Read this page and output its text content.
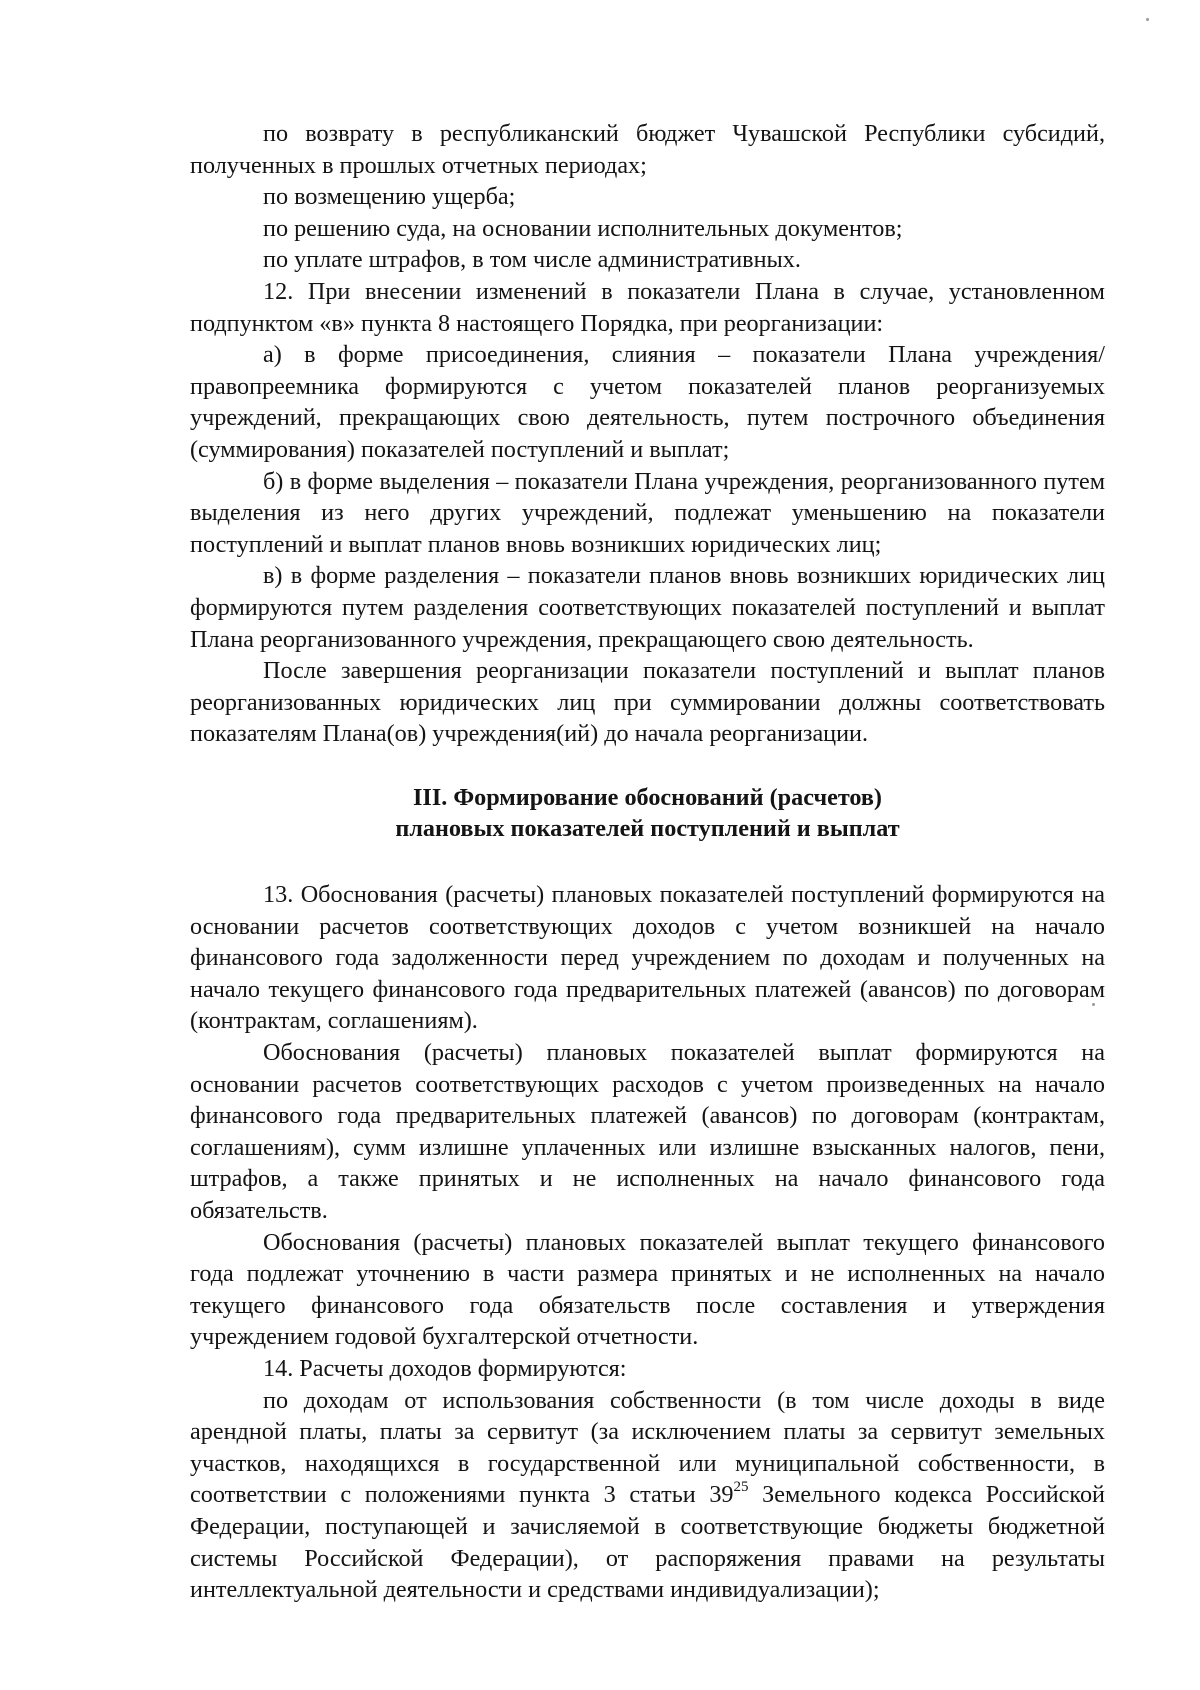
по возврату в республиканский бюджет Чувашской Республики субсидий, полученных в прошлых отчетных периодах;

по возмещению ущерба;

по решению суда, на основании исполнительных документов;

по уплате штрафов, в том числе административных.

12. При внесении изменений в показатели Плана в случае, установленном подпунктом «в» пункта 8 настоящего Порядка, при реорганизации:

а) в форме присоединения, слияния – показатели Плана учреждения/правопреемника формируются с учетом показателей планов реорганизуемых учреждений, прекращающих свою деятельность, путем построчного объединения (суммирования) показателей поступлений и выплат;

б) в форме выделения – показатели Плана учреждения, реорганизованного путем выделения из него других учреждений, подлежат уменьшению на показатели поступлений и выплат планов вновь возникших юридических лиц;

в) в форме разделения – показатели планов вновь возникших юридических лиц формируются путем разделения соответствующих показателей поступлений и выплат Плана реорганизованного учреждения, прекращающего свою деятельность.

После завершения реорганизации показатели поступлений и выплат планов реорганизованных юридических лиц при суммировании должны соответствовать показателям Плана(ов) учреждения(ий) до начала реорганизации.

III. Формирование обоснований (расчетов)
плановых показателей поступлений и выплат

13. Обоснования (расчеты) плановых показателей поступлений формируются на основании расчетов соответствующих доходов с учетом возникшей на начало финансового года задолженности перед учреждением по доходам и полученных на начало текущего финансового года предварительных платежей (авансов) по договорам (контрактам, соглашениям).

Обоснования (расчеты) плановых показателей выплат формируются на основании расчетов соответствующих расходов с учетом произведенных на начало финансового года предварительных платежей (авансов) по договорам (контрактам, соглашениям), сумм излишне уплаченных или излишне взысканных налогов, пени, штрафов, а также принятых и не исполненных на начало финансового года обязательств.

Обоснования (расчеты) плановых показателей выплат текущего финансового года подлежат уточнению в части размера принятых и не исполненных на начало текущего финансового года обязательств после составления и утверждения учреждением годовой бухгалтерской отчетности.

14. Расчеты доходов формируются:

по доходам от использования собственности (в том числе доходы в виде арендной платы, платы за сервитут (за исключением платы за сервитут земельных участков, находящихся в государственной или муниципальной собственности, в соответствии с положениями пункта 3 статьи $39^{25}$ Земельного кодекса Российской Федерации, поступающей и зачисляемой в соответствующие бюджеты бюджетной системы Российской Федерации), от распоряжения правами на результаты интеллектуальной деятельности и средствами индивидуализации);
